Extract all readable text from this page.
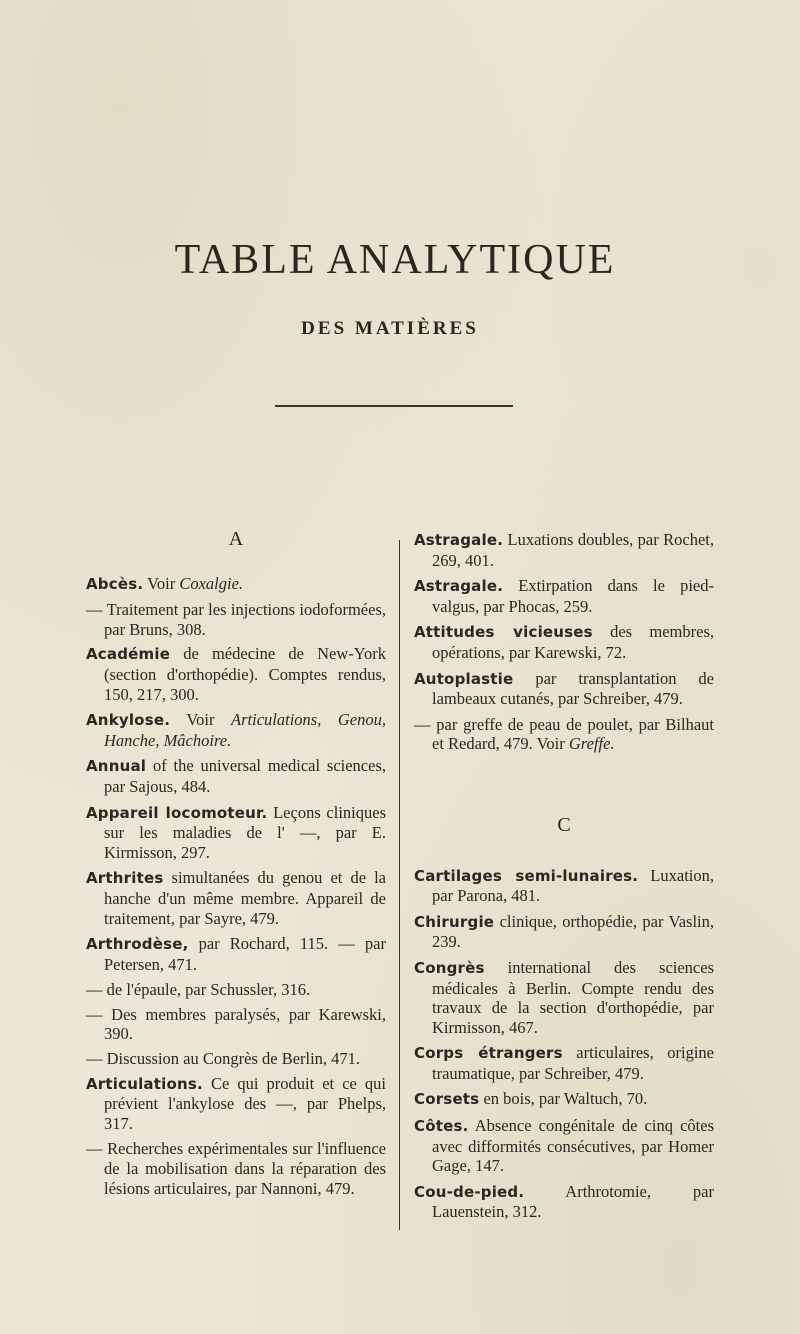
TABLE ANALYTIQUE
DES MATIÈRES
A

Abcès. Voir Coxalgie.

— Traitement par les injections iodoformées, par Bruns, 308.

Académie de médecine de New-York (section d'orthopédie). Comptes rendus, 150, 217, 300.

Ankylose. Voir Articulations, Genou, Hanche, Mâchoire.

Annual of the universal medical sciences, par Sajous, 484.

Appareil locomoteur. Leçons cliniques sur les maladies de l' —, par E. Kirmisson, 297.

Arthrites simultanées du genou et de la hanche d'un même membre. Appareil de traitement, par Sayre, 479.

Arthrodèse, par Rochard, 115. — par Petersen, 471.

— de l'épaule, par Schussler, 316.

— Des membres paralysés, par Karewski, 390.

— Discussion au Congrès de Berlin, 471.

Articulations. Ce qui produit et ce qui prévient l'ankylose des —, par Phelps, 317.

— Recherches expérimentales sur l'influence de la mobilisation dans la réparation des lésions articulaires, par Nannoni, 479.

Astragale. Luxations doubles, par Rochet, 269, 401.

Astragale. Extirpation dans le pied-valgus, par Phocas, 259.

Attitudes vicieuses des membres, opérations, par Karewski, 72.

Autoplastie par transplantation de lambeaux cutanés, par Schreiber, 479.

— par greffe de peau de poulet, par Bilhaut et Redard, 479. Voir Greffe.

C

Cartilages semi-lunaires. Luxation, par Parona, 481.

Chirurgie clinique, orthopédie, par Vaslin, 239.

Congrès international des sciences médicales à Berlin. Compte rendu des travaux de la section d'orthopédie, par Kirmisson, 467.

Corps étrangers articulaires, origine traumatique, par Schreiber, 479.

Corsets en bois, par Waltuch, 70.

Côtes. Absence congénitale de cinq côtes avec difformités consécutives, par Homer Gage, 147.

Cou-de-pied. Arthrotomie, par Lauenstein, 312.
